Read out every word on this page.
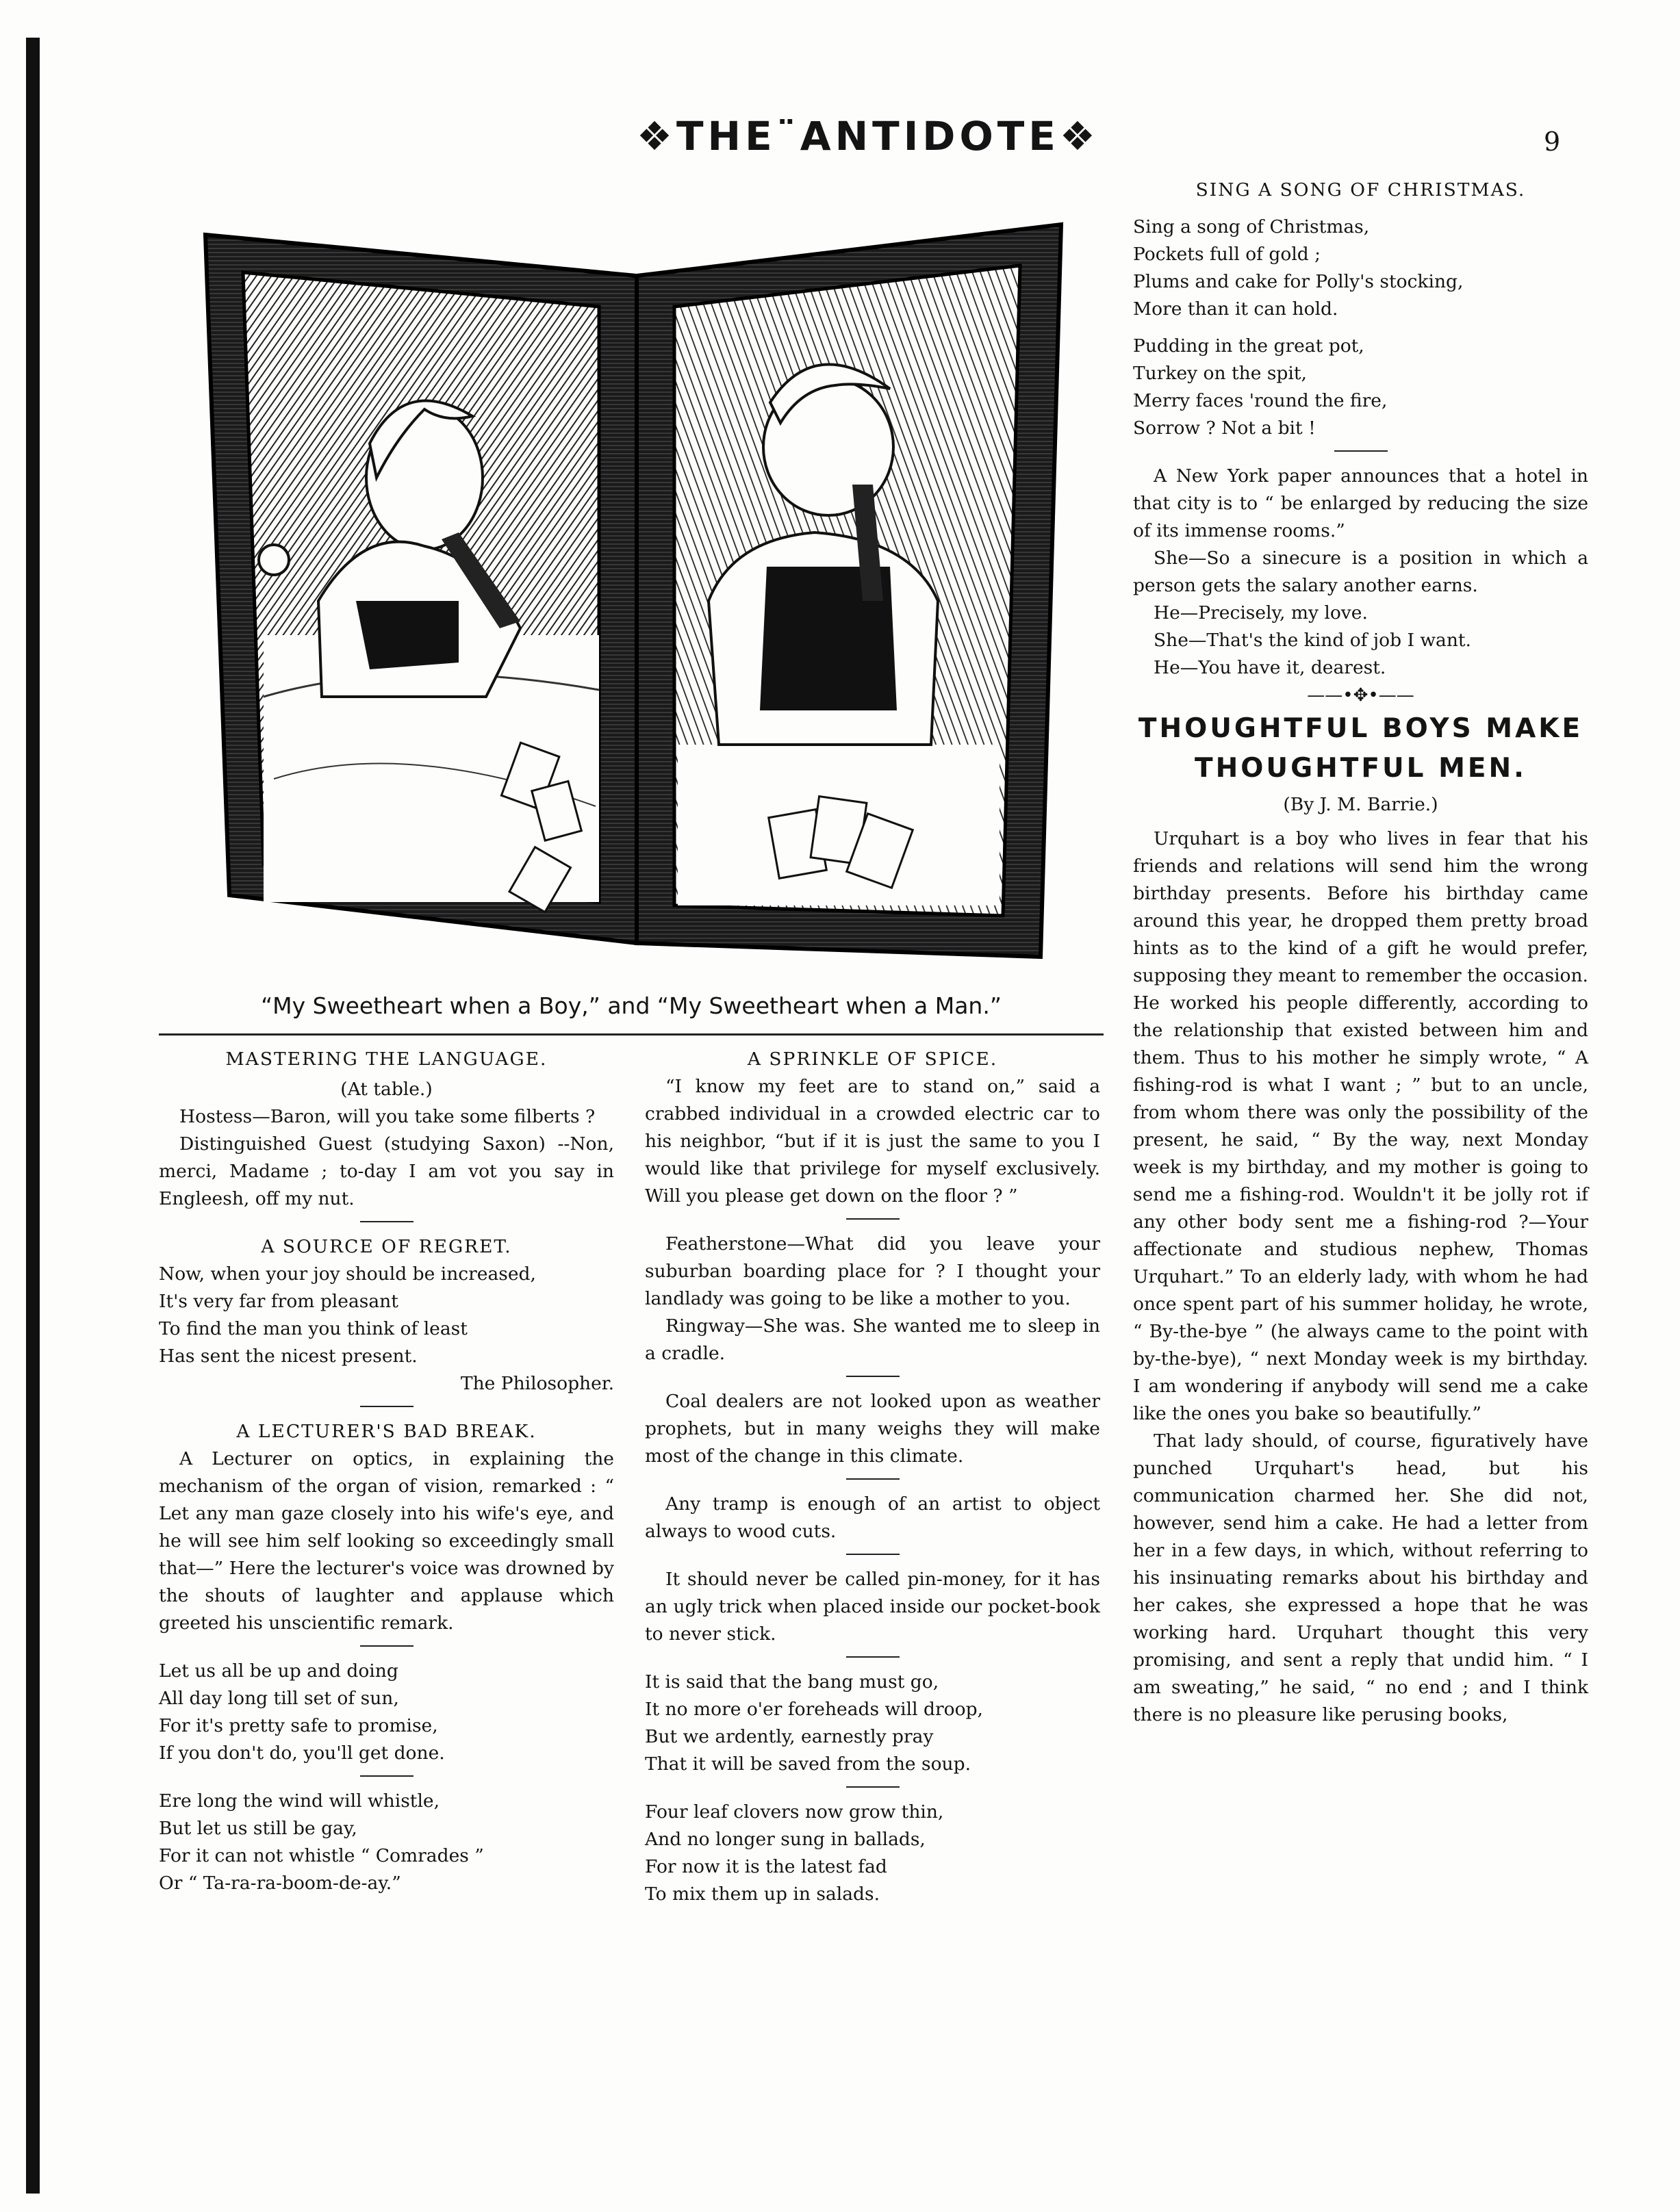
❖THE¨ANTIDOTE❖	9
“My Sweetheart when a Boy,” and “My Sweetheart when a Man.”

MASTERING THE LANGUAGE.

(At table.)

Hostess—Baron, will you take some filberts ?

Distinguished Guest (studying Saxon) --Non, merci, Madame ; to-day I am vot you say in Engleesh, off my nut.

A SOURCE OF REGRET.

Now, when your joy should be increased,

It's very far from pleasant

To find the man you think of least

Has sent the nicest present.

The Philosopher.

A LECTURER'S BAD BREAK.

A Lecturer on optics, in explaining the mechanism of the organ of vision, remarked : “ Let any man gaze closely into his wife's eye, and he will see him self looking so exceedingly small that—” Here the lecturer's voice was drowned by the shouts of laughter and applause which greeted his unscientific remark.

Let us all be up and doing

All day long till set of sun,

For it's pretty safe to promise,

If you don't do, you'll get done.

Ere long the wind will whistle,

But let us still be gay,

For it can not whistle “ Comrades ”

Or “ Ta-ra-ra-boom-de-ay.”

A SPRINKLE OF SPICE.

“I know my feet are to stand on,” said a crabbed individual in a crowded electric car to his neighbor, “but if it is just the same to you I would like that privilege for myself exclusively. Will you please get down on the floor ? ”

Featherstone—What did you leave your suburban boarding place for ? I thought your landlady was going to be like a mother to you.

Ringway—She was. She wanted me to sleep in a cradle.

Coal dealers are not looked upon as weather prophets, but in many weighs they will make most of the change in this climate.

Any tramp is enough of an artist to object always to wood cuts.

It should never be called pin-money, for it has an ugly trick when placed inside our pocket-book to never stick.

It is said that the bang must go,

It no more o'er foreheads will droop,

But we ardently, earnestly pray

That it will be saved from the soup.

Four leaf clovers now grow thin,

And no longer sung in ballads,

For now it is the latest fad

To mix them up in salads.

SING A SONG OF CHRISTMAS.

Sing a song of Christmas,

Pockets full of gold ;

Plums and cake for Polly's stocking,

More than it can hold.

Pudding in the great pot,

Turkey on the spit,

Merry faces 'round the fire,

Sorrow ? Not a bit !

A New York paper announces that a hotel in that city is to “ be enlarged by reducing the size of its immense rooms.”

She—So a sinecure is a position in which a person gets the salary another earns.

He—Precisely, my love.

She—That's the kind of job I want.

He—You have it, dearest.

——•✥•——

THOUGHTFUL BOYS MAKE

THOUGHTFUL MEN.

(By J. M. Barrie.)

Urquhart is a boy who lives in fear that his friends and relations will send him the wrong birthday presents. Before his birthday came around this year, he dropped them pretty broad hints as to the kind of a gift he would prefer, supposing they meant to remember the occasion. He worked his people differently, according to the relationship that existed between him and them. Thus to his mother he simply wrote, “ A fishing-rod is what I want ; ” but to an uncle, from whom there was only the possibility of the present, he said, “ By the way, next Monday week is my birthday, and my mother is going to send me a fishing-rod. Wouldn't it be jolly rot if any other body sent me a fishing-rod ?—Your affectionate and studious nephew, Thomas Urquhart.” To an elderly lady, with whom he had once spent part of his summer holiday, he wrote, “ By-the-bye ” (he always came to the point with by-the-bye), “ next Monday week is my birthday. I am wondering if anybody will send me a cake like the ones you bake so beautifully.”

That lady should, of course, figuratively have punched Urquhart's head, but his communication charmed her. She did not, however, send him a cake. He had a letter from her in a few days, in which, without referring to his insinuating remarks about his birthday and her cakes, she expressed a hope that he was working hard. Urquhart thought this very promising, and sent a reply that undid him. “ I am sweating,” he said, “ no end ; and I think there is no pleasure like perusing books,
